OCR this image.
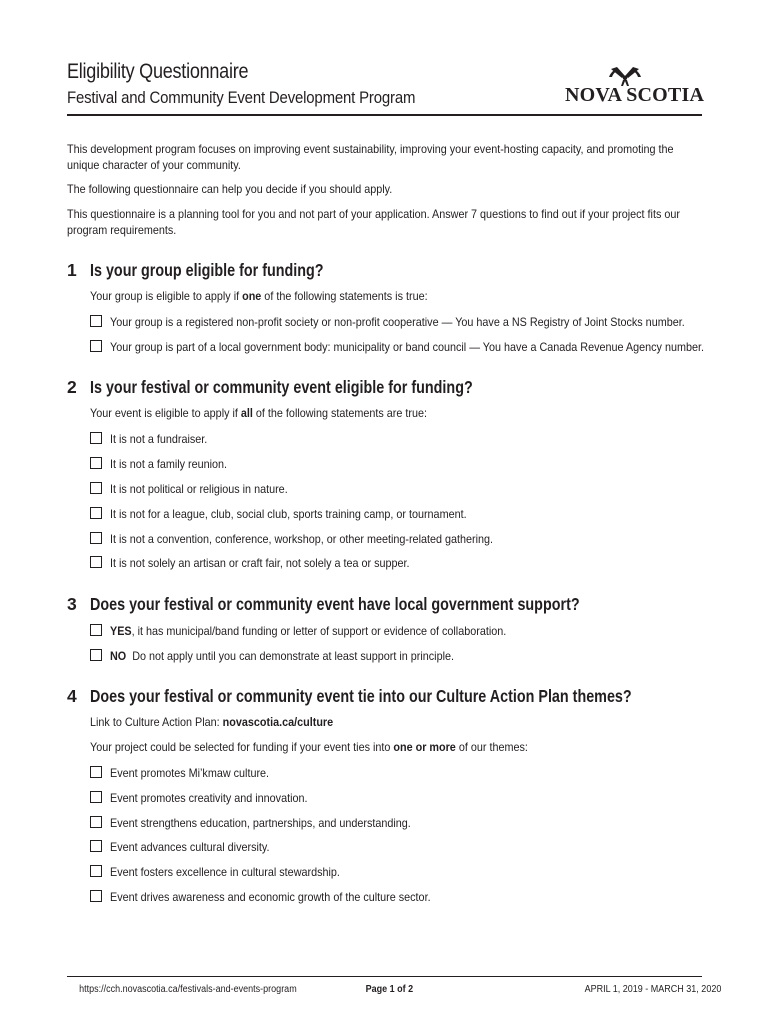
Eligibility Questionnaire
Festival and Community Event Development Program	NOVA SCOTIA
This development program focuses on improving event sustainability, improving your event-hosting capacity, and promoting the unique character of your community.
The following questionnaire can help you decide if you should apply.
This questionnaire is a planning tool for you and not part of your application. Answer 7 questions to find out if your project fits our program requirements.
1 Is your group eligible for funding?
Your group is eligible to apply if one of the following statements is true:
Your group is a registered non-profit society or non-profit cooperative — You have a NS Registry of Joint Stocks number.
Your group is part of a local government body: municipality or band council — You have a Canada Revenue Agency number.
2 Is your festival or community event eligible for funding?
Your event is eligible to apply if all of the following statements are true:
It is not a fundraiser.
It is not a family reunion.
It is not political or religious in nature.
It is not for a league, club, social club, sports training camp, or tournament.
It is not a convention, conference, workshop, or other meeting-related gathering.
It is not solely an artisan or craft fair, not solely a tea or supper.
3 Does your festival or community event have local government support?
YES, it has municipal/band funding or letter of support or evidence of collaboration.
NO  Do not apply until you can demonstrate at least support in principle.
4 Does your festival or community event tie into our Culture Action Plan themes?
Link to Culture Action Plan: novascotia.ca/culture
Your project could be selected for funding if your event ties into one or more of our themes:
Event promotes Mi’kmaw culture.
Event promotes creativity and innovation.
Event strengthens education, partnerships, and understanding.
Event advances cultural diversity.
Event fosters excellence in cultural stewardship.
Event drives awareness and economic growth of the culture sector.
https://cch.novascotia.ca/festivals-and-events-program	Page 1 of 2	APRIL 1, 2019 - MARCH 31, 2020
